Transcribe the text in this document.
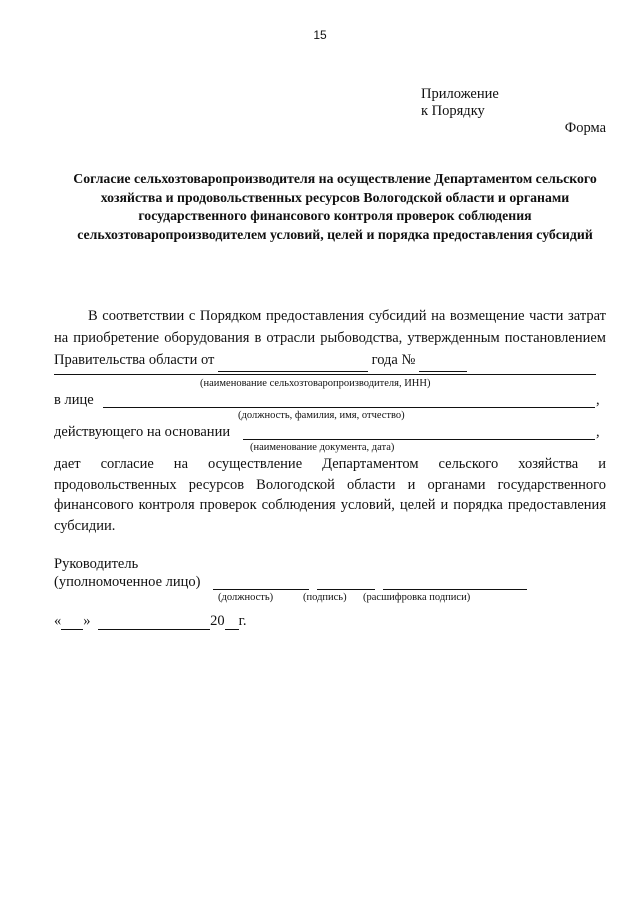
15
Приложение
к Порядку
Форма
Согласие сельхозтоваропроизводителя на осуществление Департаментом сельского хозяйства и продовольственных ресурсов Вологодской области и органами государственного финансового контроля проверок соблюдения сельхозтоваропроизводителем условий, целей и порядка предоставления субсидий
В соответствии с Порядком предоставления субсидий на возмещение части затрат на приобретение оборудования в отрасли рыбоводства, утвержденным постановлением Правительства области от	года №
(наименование сельхозтоваропроизводителя, ИНН)
в лице	,
(должность, фамилия, имя, отчество)
действующего на основании	,
(наименование документа, дата)
дает согласие на осуществление Департаментом сельского хозяйства и продовольственных ресурсов Вологодской области и органами государственного финансового контроля проверок соблюдения условий, целей и порядка предоставления субсидии.
Руководитель
(уполномоченное лицо)
(должность)	(подпись) (расшифровка подписи)
« »	20 г.
